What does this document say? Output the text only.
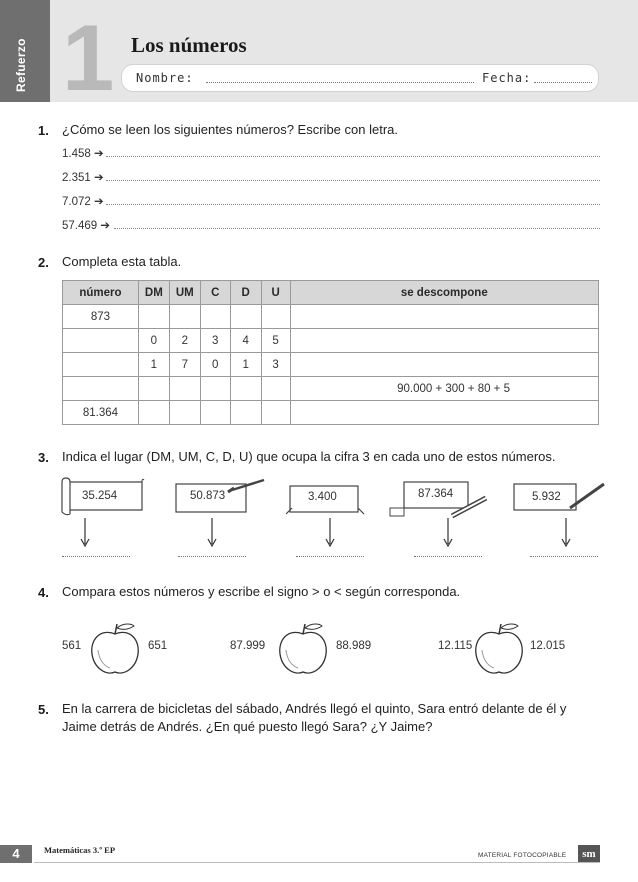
Refuerzo 1 Los números
Nombre:	Fecha:
1. ¿Cómo se leen los siguientes números? Escribe con letra.
1.458 ➔
2.351 ➔
7.072 ➔
57.469 ➔
2. Completa esta tabla.
número	DM	UM	C	D	U	se descompone
873						
	0	2	3	4	5	
	1	7	0	1	3	
						90.000 + 300 + 80 + 5
81.364						
3. Indica el lugar (DM, UM, C, D, U) que ocupa la cifra 3 en cada uno de estos números.
35.254	50.873	3.400	87.364	5.932
4. Compara estos números y escribe el signo > o < según corresponda.
561	651	87.999	88.989	12.115	12.015
5. En la carrera de bicicletas del sábado, Andrés llegó el quinto, Sara entró delante de él y
Jaime detrás de Andrés. ¿En qué puesto llegó Sara? ¿Y Jaime?
4	Matemáticas 3.º EP
MATERIAL FOTOCOPIABLE	sm
